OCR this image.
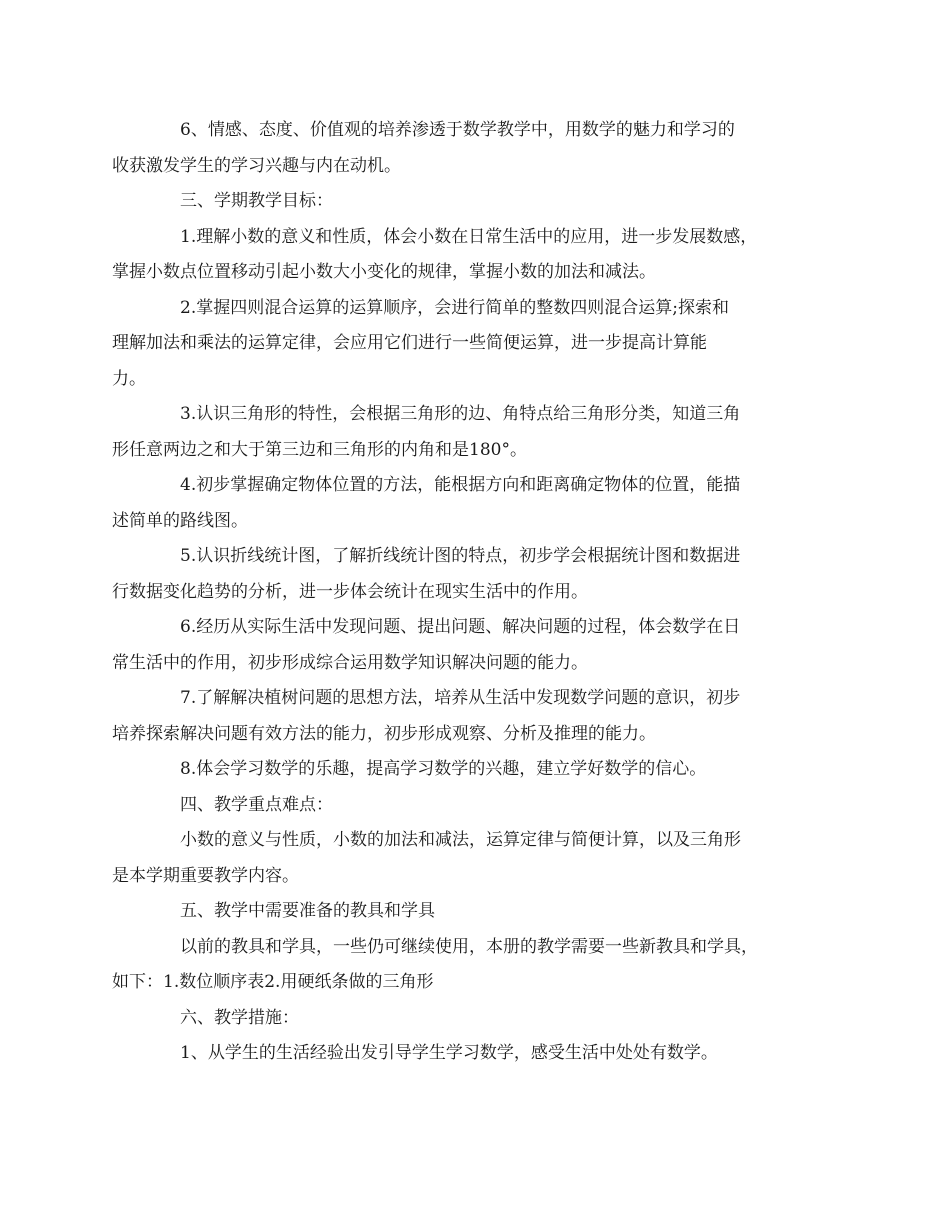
6、情感、态度、价值观的培养渗透于数学教学中，用数学的魅力和学习的
收获激发学生的学习兴趣与内在动机。

三、学期教学目标：

1.理解小数的意义和性质，体会小数在日常生活中的应用，进一步发展数感，
掌握小数点位置移动引起小数大小变化的规律，掌握小数的加法和减法。

2.掌握四则混合运算的运算顺序，会进行简单的整数四则混合运算;探索和
理解加法和乘法的运算定律，会应用它们进行一些简便运算，进一步提高计算能
力。

3.认识三角形的特性，会根据三角形的边、角特点给三角形分类，知道三角
形任意两边之和大于第三边和三角形的内角和是180°。

4.初步掌握确定物体位置的方法，能根据方向和距离确定物体的位置，能描
述简单的路线图。

5.认识折线统计图，了解折线统计图的特点，初步学会根据统计图和数据进
行数据变化趋势的分析，进一步体会统计在现实生活中的作用。

6.经历从实际生活中发现问题、提出问题、解决问题的过程，体会数学在日
常生活中的作用，初步形成综合运用数学知识解决问题的能力。

7.了解解决植树问题的思想方法，培养从生活中发现数学问题的意识，初步
培养探索解决问题有效方法的能力，初步形成观察、分析及推理的能力。

8.体会学习数学的乐趣，提高学习数学的兴趣，建立学好数学的信心。

四、教学重点难点：

小数的意义与性质，小数的加法和减法，运算定律与简便计算，以及三角形
是本学期重要教学内容。

五、教学中需要准备的教具和学具

以前的教具和学具，一些仍可继续使用，本册的教学需要一些新教具和学具，
如下：1.数位顺序表2.用硬纸条做的三角形

六、教学措施：

1、从学生的生活经验出发引导学生学习数学，感受生活中处处有数学。
